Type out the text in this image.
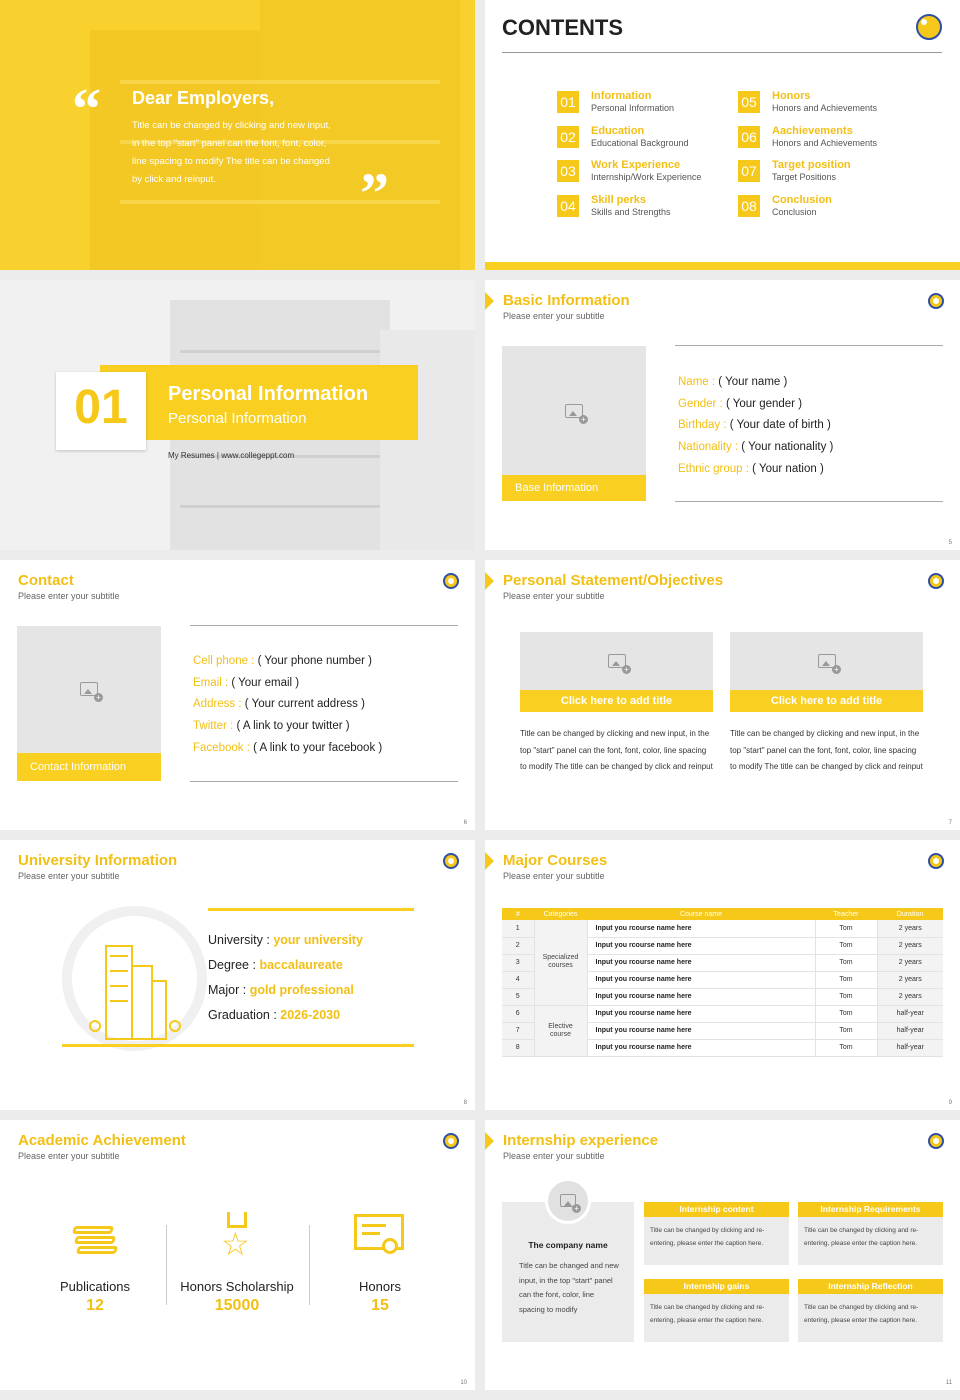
“ Dear Employers,
Title can be changed by clicking and new input, in the top "start" panel can the font, font, color, line spacing to modify The title can be changed by click and reinput.	”
CONTENTS
01 Information
Personal Information
02 Education
Educational Background
03 Work Experience
Internship/Work Experience
04 Skill perks
Skills and Strengths
05 Honors
Honors and Achievements
06 Aachievements
Honors and Achievements
07 Target position
Target Positions
08 Conclusion
Conclusion
01	Personal Information
Personal Information
My Resumes | www.collegeppt.com
Basic Information
Please enter your subtitle
+
Base Information
Name : ( Your name )
Gender : ( Your gender )
Birthday : ( Your date of birth )
Nationality : ( Your nationality )
Ethnic group : ( Your nation )
5
Contact
Please enter your subtitle
+
Contact Information
Cell phone : ( Your phone number )
Email : ( Your email )
Address : ( Your current address )
Twitter : ( A link to your twitter )
Facebook : ( A link to your facebook )
6
Personal Statement/Objectives
Please enter your subtitle
+
Click here to add title
Title can be changed by clicking and new input, in the top "start" panel can the font, font, color, line spacing to modify The title can be changed by click and reinput
+
Click here to add title
Title can be changed by clicking and new input, in the top "start" panel can the font, font, color, line spacing to modify The title can be changed by click and reinput
7
University Information
Please enter your subtitle
University : your university
Degree : baccalaureate
Major : gold professional
Graduation : 2026-2030
8
Major Courses
Please enter your subtitle
#	Categories	Course name	Teacher	Duration
1	Specialized courses	Input you rcourse name here	Tom	2 years
2		Input you rcourse name here	Tom	2 years
3		Input you rcourse name here	Tom	2 years
4		Input you rcourse name here	Tom	2 years
5		Input you rcourse name here	Tom	2 years
6	Elective course	Input you rcourse name here	Tom	half-year
7		Input you rcourse name here	Tom	half-year
8		Input you rcourse name here	Tom	half-year
9
Academic Achievement
Please enter your subtitle
Publications
12
☆
Honors Scholarship
15000
Honors
15
10
Internship experience
Please enter your subtitle
The company name
Title can be changed and new input, in the top "start" panel can the font, color, line spacing to modify
+
Internship content
Title can be changed by clicking and re-entering, please enter the caption here.
Internship Requirements
Title can be changed by clicking and re-entering, please enter the caption here.
Internship gains
Title can be changed by clicking and re-entering, please enter the caption here.
Internship Reflection
Title can be changed by clicking and re-entering, please enter the caption here.
11
